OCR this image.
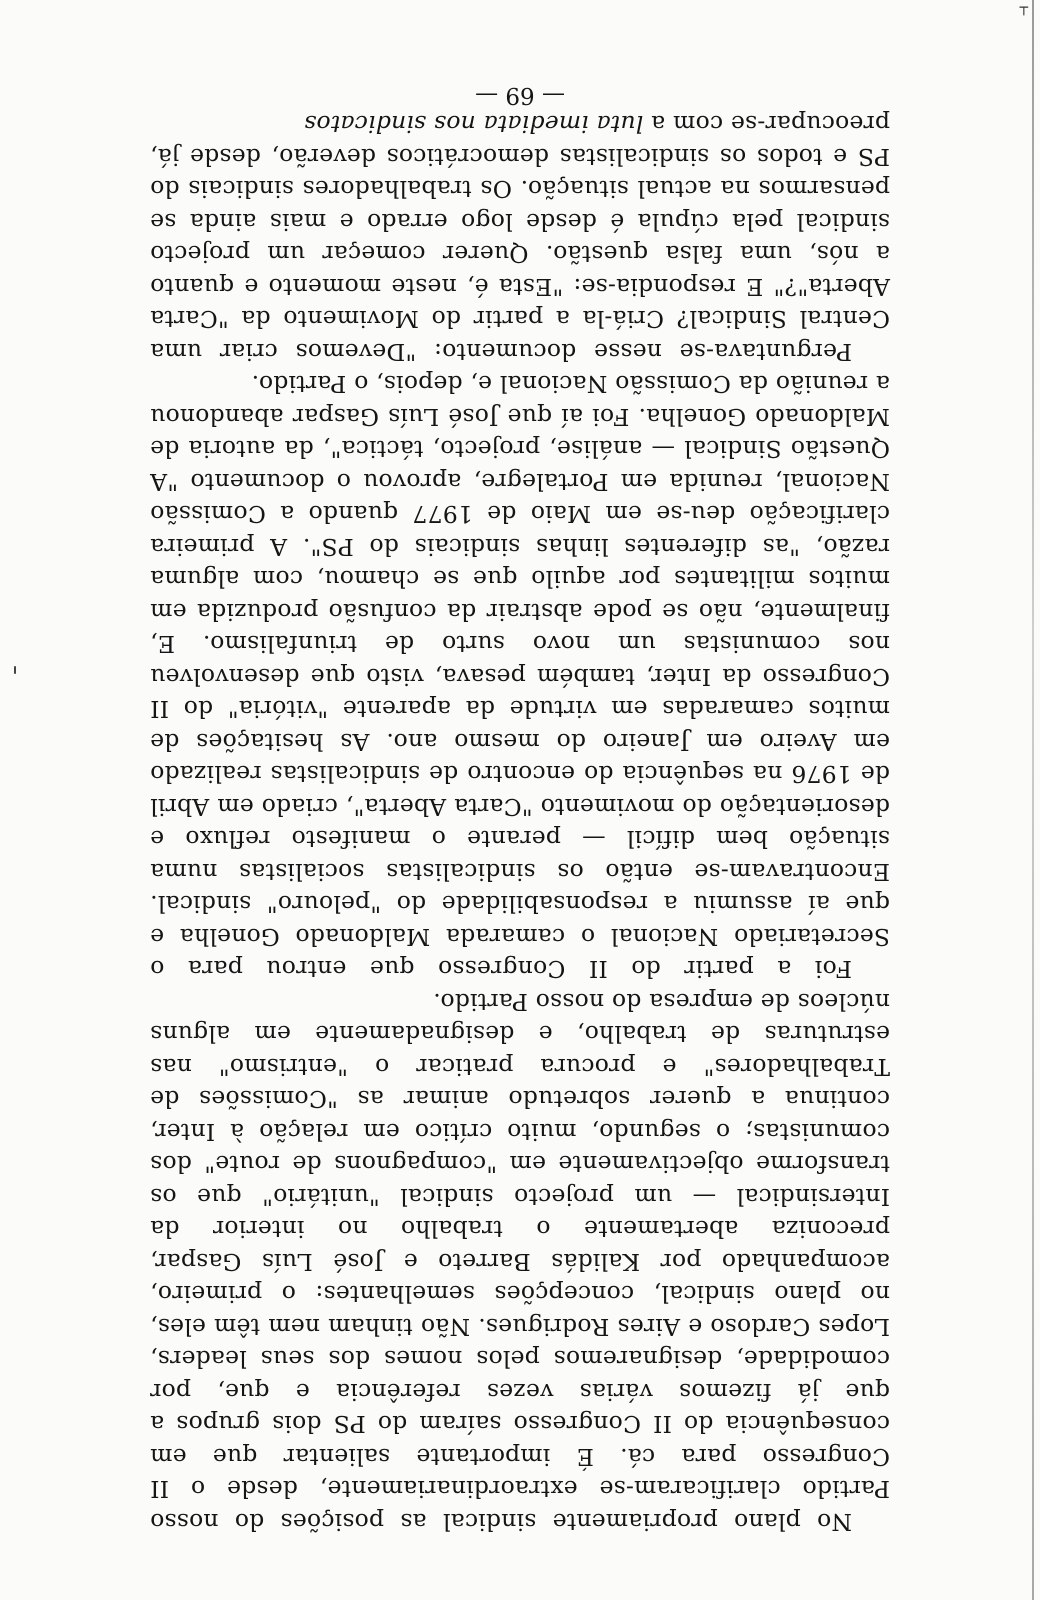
No plano propriamente sindical as posições do nosso Partido clarificaram-se extraordinariamente, desde o II Congresso para cá. É importante salientar que em consequência do II Congresso saíram do PS dois grupos a que já fizemos várias vezes referência e que, por comodidade, designaremos pelos nomes dos seus leaders, Lopes Cardoso e Aires Rodrigues. Não tinham nem têm eles, no plano sindical, concepções semelhantes: o primeiro, acompanhado por Kalidás Barreto e José Luís Gaspar, preconiza abertamente o trabalho no interior da Intersindical — um projecto sindical "unitário" que os transforme objectivamente em "compagnons de route" dos comunistas; o segundo, muito crítico em relação à Inter, continua a querer sobretudo animar as "Comissões de Trabalhadores" e procura praticar o "entrismo" nas estruturas de trabalho, e designadamente em alguns núcleos de empresa do nosso Partido.

Foi a partir do II Congresso que entrou para o Secretariado Nacional o camarada Maldonado Gonelha e que aí assumiu a responsabilidade do "pelouro" sindical. Encontravam-se então os sindicalistas socialistas numa situação bem difícil — perante o manifesto refluxo e desorientação do movimento "Carta Aberta", criado em Abril de 1976 na sequência do encontro de sindicalistas realizado em Aveiro em Janeiro do mesmo ano. As hesitações de muitos camaradas em virtude da aparente "vitória" do II Congresso da Inter, também pesava, visto que desenvolveu nos comunistas um novo surto de triunfalismo. E, finalmente, não se pode abstrair da confusão produzida em muitos militantes por aquilo que se chamou, com alguma razão, "as diferentes linhas sindicais do PS". A primeira clarificação deu-se em Maio de 1977 quando a Comissão Nacional, reunida em Portalegre, aprovou o documento "A Questão Sindical — análise, projecto, táctica", da autoria de Maldonado Gonelha. Foi aí que José Luís Gaspar abandonou a reunião da Comissão Nacional e, depois, o Partido.

Perguntava-se nesse documento: "Devemos criar uma Central Sindical? Criá-la a partir do Movimento da "Carta Aberta"?" E respondia-se: "Esta é, neste momento e quanto a nós, uma falsa questão. Querer começar um projecto sindical pela cúpula é desde logo errado e mais ainda se pensarmos na actual situação. Os trabalhadores sindicais do PS e todos os sindicalistas democráticos deverão, desde já, preocupar-se com a luta imediata nos sindicatos

— 69 —
┬
